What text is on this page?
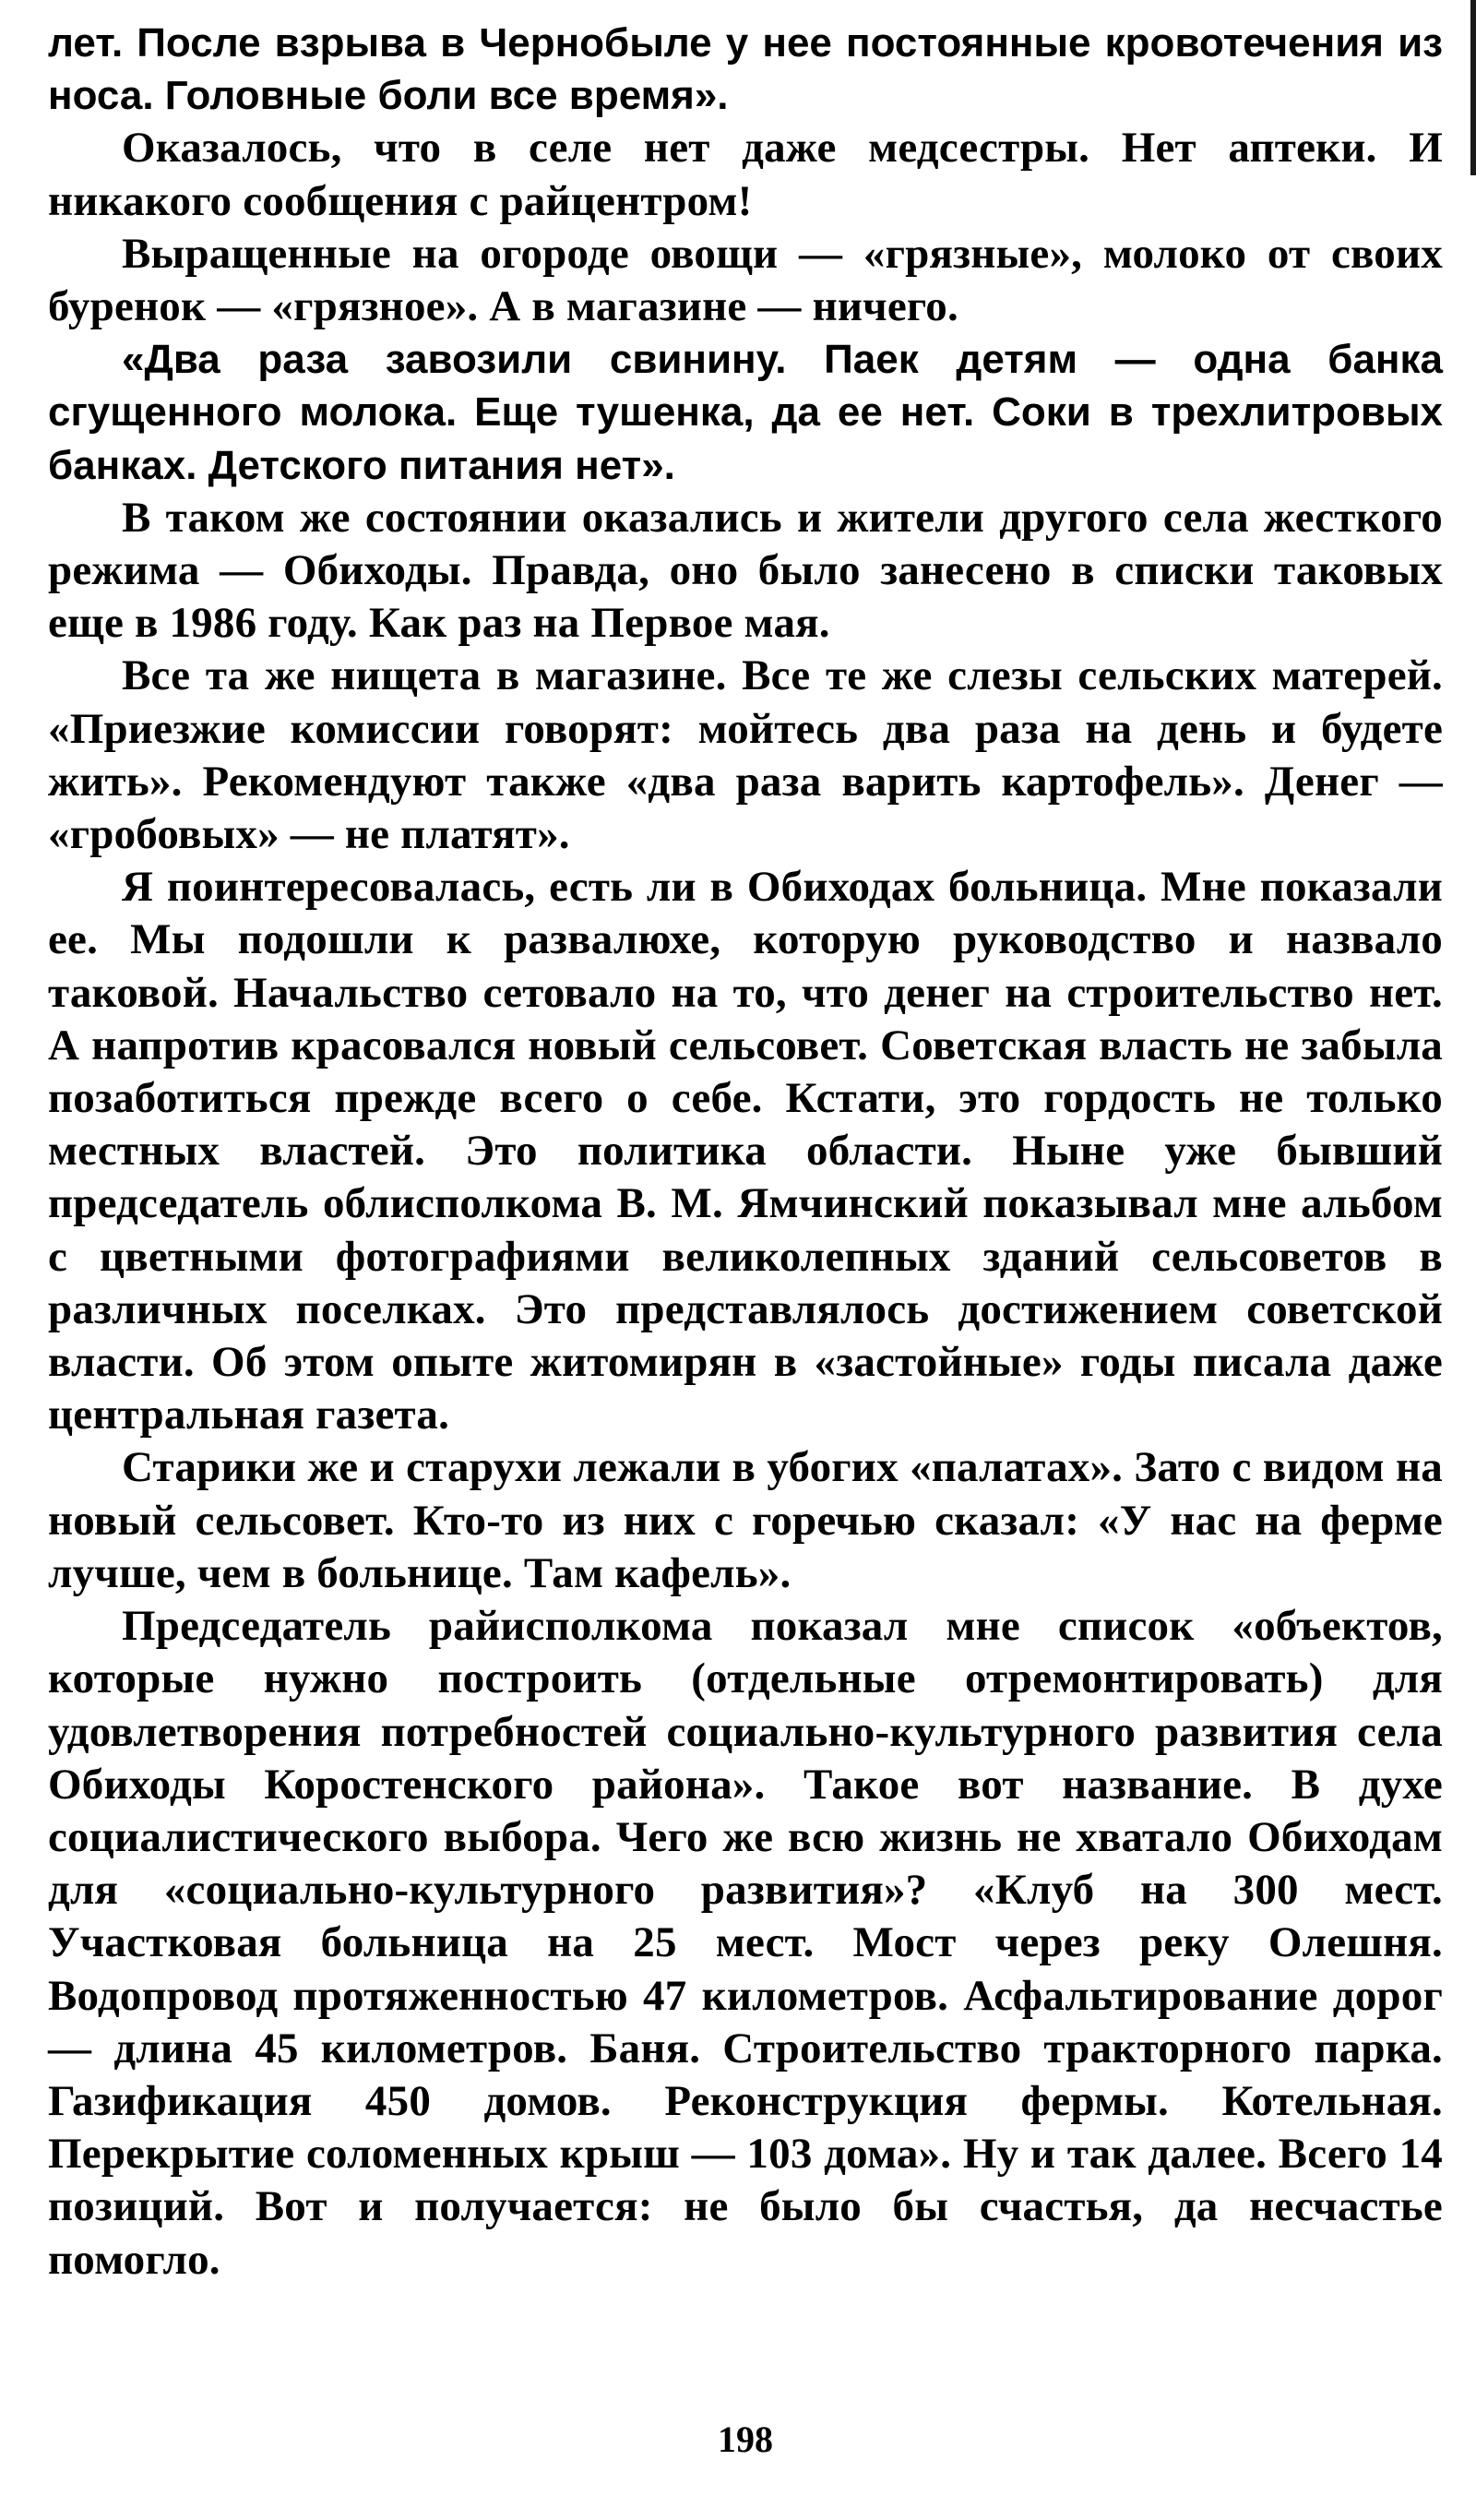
лет. После взрыва в Чернобыле у нее постоянные кровотечения из носа. Головные боли все время».

Оказалось, что в селе нет даже медсестры. Нет аптеки. И никакого сообщения с райцентром!

Выращенные на огороде овощи — «грязные», молоко от своих буренок — «грязное». А в магазине — ничего.

«Два раза завозили свинину. Паек детям — одна банка сгущенного молока. Еще тушенка, да ее нет. Соки в трехлитровых банках. Детского питания нет».

В таком же состоянии оказались и жители другого села жесткого режима — Обиходы. Правда, оно было занесено в списки таковых еще в 1986 году. Как раз на Первое мая.

Все та же нищета в магазине. Все те же слезы сельских матерей. «Приезжие комиссии говорят: мойтесь два раза на день и будете жить». Рекомендуют также «два раза варить картофель». Денег — «гробовых» — не платят».

Я поинтересовалась, есть ли в Обиходах больница. Мне показали ее. Мы подошли к развалюхе, которую руководство и назвало таковой. Начальство сетовало на то, что денег на строительство нет. А напротив красовался новый сельсовет. Советская власть не забыла позаботиться прежде всего о себе. Кстати, это гордость не только местных властей. Это политика области. Ныне уже бывший председатель облисполкома В. М. Ямчинский показывал мне альбом с цветными фотографиями великолепных зданий сельсоветов в различных поселках. Это представлялось достижением советской власти. Об этом опыте житомирян в «застойные» годы писала даже центральная газета.

Старики же и старухи лежали в убогих «палатах». Зато с видом на новый сельсовет. Кто-то из них с горечью сказал: «У нас на ферме лучше, чем в больнице. Там кафель».

Председатель райисполкома показал мне список «объектов, которые нужно построить (отдельные отремонтировать) для удовлетворения потребностей социально-культурного развития села Обиходы Коростенского района». Такое вот название. В духе социалистического выбора. Чего же всю жизнь не хватало Обиходам для «социально-культурного развития»? «Клуб на 300 мест. Участковая больница на 25 мест. Мост через реку Олешня. Водопровод протяженностью 47 километров. Асфальтирование дорог — длина 45 километров. Баня. Строительство тракторного парка. Газификация 450 домов. Реконструкция фермы. Котельная. Перекрытие соломенных крыш — 103 дома». Ну и так далее. Всего 14 позиций. Вот и получается: не было бы счастья, да несчастье помогло.

198
